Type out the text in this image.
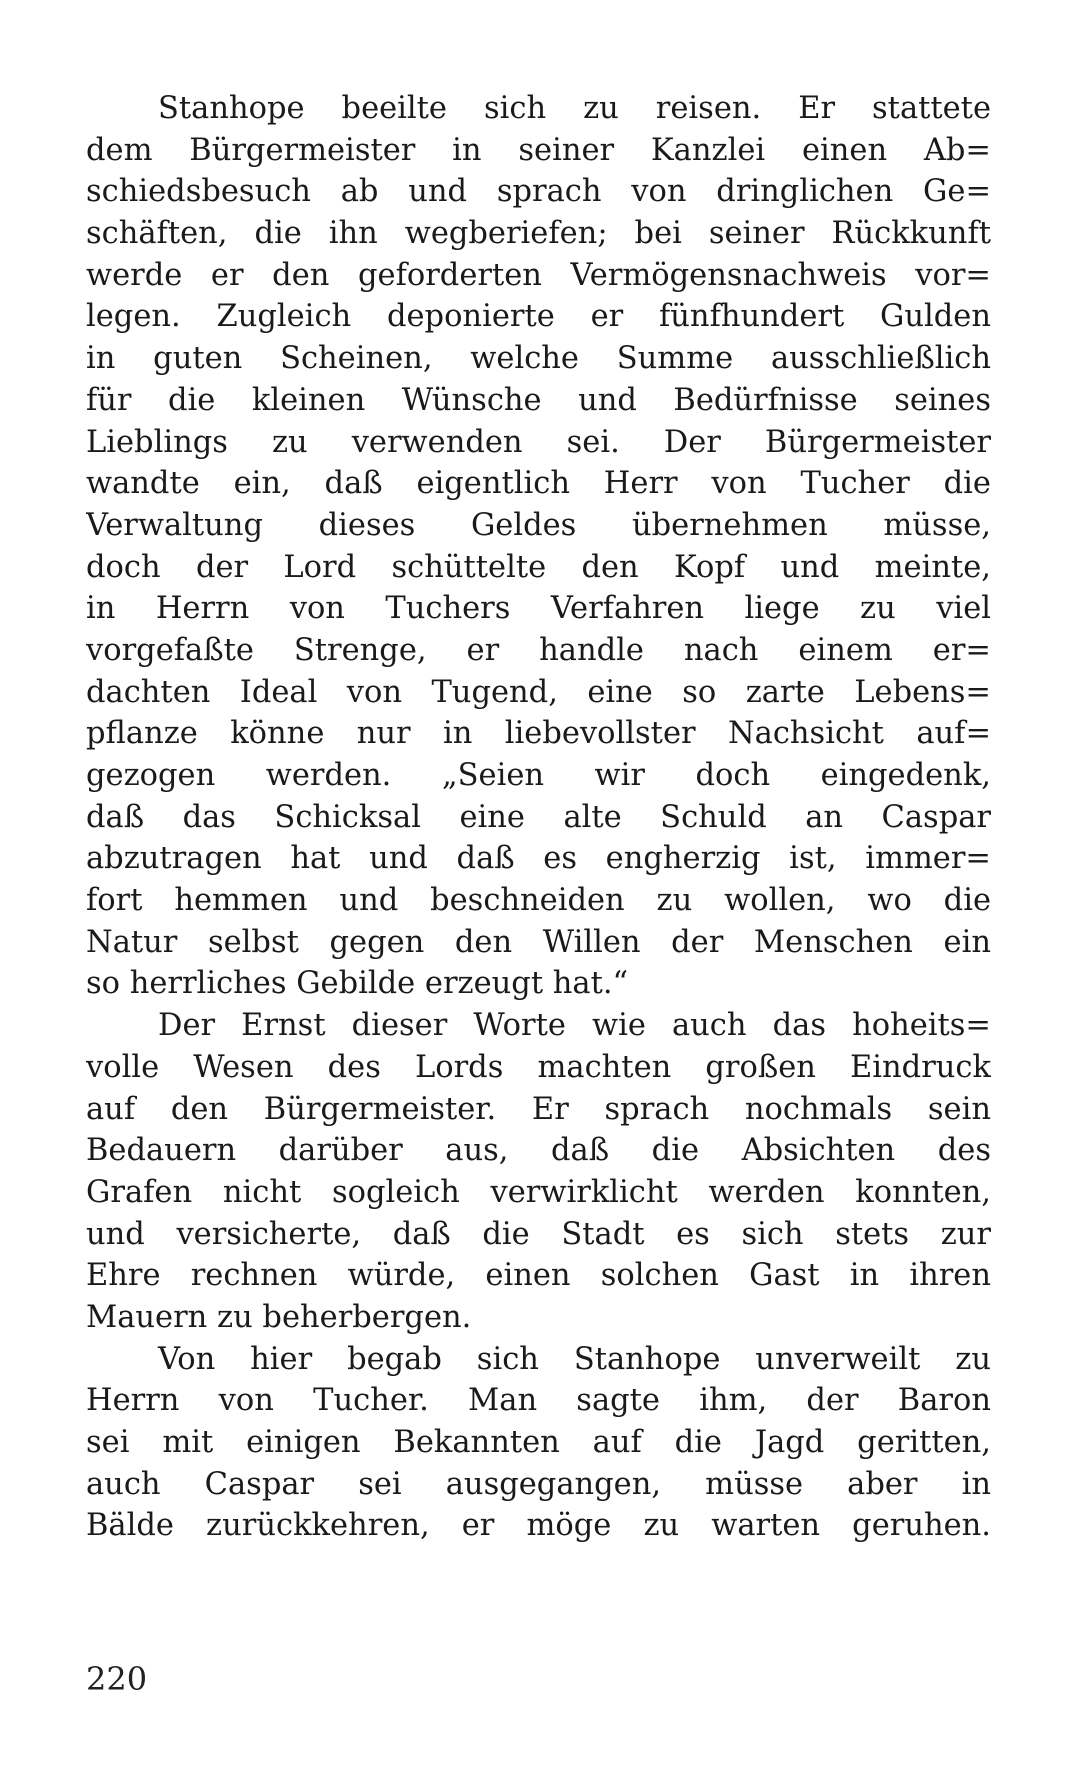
Stanhope beeilte sich zu reisen. Er stattete
dem Bürgermeister in seiner Kanzlei einen Ab=
schiedsbesuch ab und sprach von dringlichen Ge=
schäften, die ihn wegberiefen; bei seiner Rückkunft
werde er den geforderten Vermögensnachweis vor=
legen. Zugleich deponierte er fünfhundert Gulden
in guten Scheinen, welche Summe ausschließlich
für die kleinen Wünsche und Bedürfnisse seines
Lieblings zu verwenden sei. Der Bürgermeister
wandte ein, daß eigentlich Herr von Tucher die
Verwaltung dieses Geldes übernehmen müsse,
doch der Lord schüttelte den Kopf und meinte,
in Herrn von Tuchers Verfahren liege zu viel
vorgefaßte Strenge, er handle nach einem er=
dachten Ideal von Tugend, eine so zarte Lebens=
pflanze könne nur in liebevollster Nachsicht auf=
gezogen werden. „Seien wir doch eingedenk,
daß das Schicksal eine alte Schuld an Caspar
abzutragen hat und daß es engherzig ist, immer=
fort hemmen und beschneiden zu wollen, wo die
Natur selbst gegen den Willen der Menschen ein
so herrliches Gebilde erzeugt hat.“
Der Ernst dieser Worte wie auch das hoheits=
volle Wesen des Lords machten großen Eindruck
auf den Bürgermeister. Er sprach nochmals sein
Bedauern darüber aus, daß die Absichten des
Grafen nicht sogleich verwirklicht werden konnten,
und versicherte, daß die Stadt es sich stets zur
Ehre rechnen würde, einen solchen Gast in ihren
Mauern zu beherbergen.
Von hier begab sich Stanhope unverweilt zu
Herrn von Tucher. Man sagte ihm, der Baron
sei mit einigen Bekannten auf die Jagd geritten,
auch Caspar sei ausgegangen, müsse aber in
Bälde zurückkehren, er möge zu warten geruhen.
220
